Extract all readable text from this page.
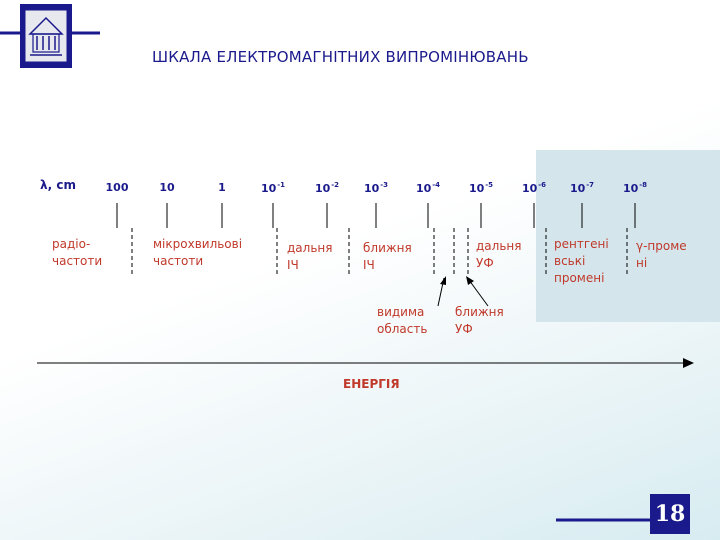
ШКАЛА ЕЛЕКТРОМАГНІТНИХ ВИПРОМІНЮВАНЬ
λ, cm	100	10	1	$10^{-1}$	$10^{-2}$	$10^{-3}$	$10^{-4}$	$10^{-5}$	$10^{-6}$	$10^{-7}$	$10^{-8}$
радіо-
частоти
мікрохвильові
частоти
дальня
ІЧ
ближня
ІЧ
видима
область
ближня
УФ
дальня
УФ
рентгені
вські
промені
γ-проме
ні
ЕНЕРГІЯ
18
